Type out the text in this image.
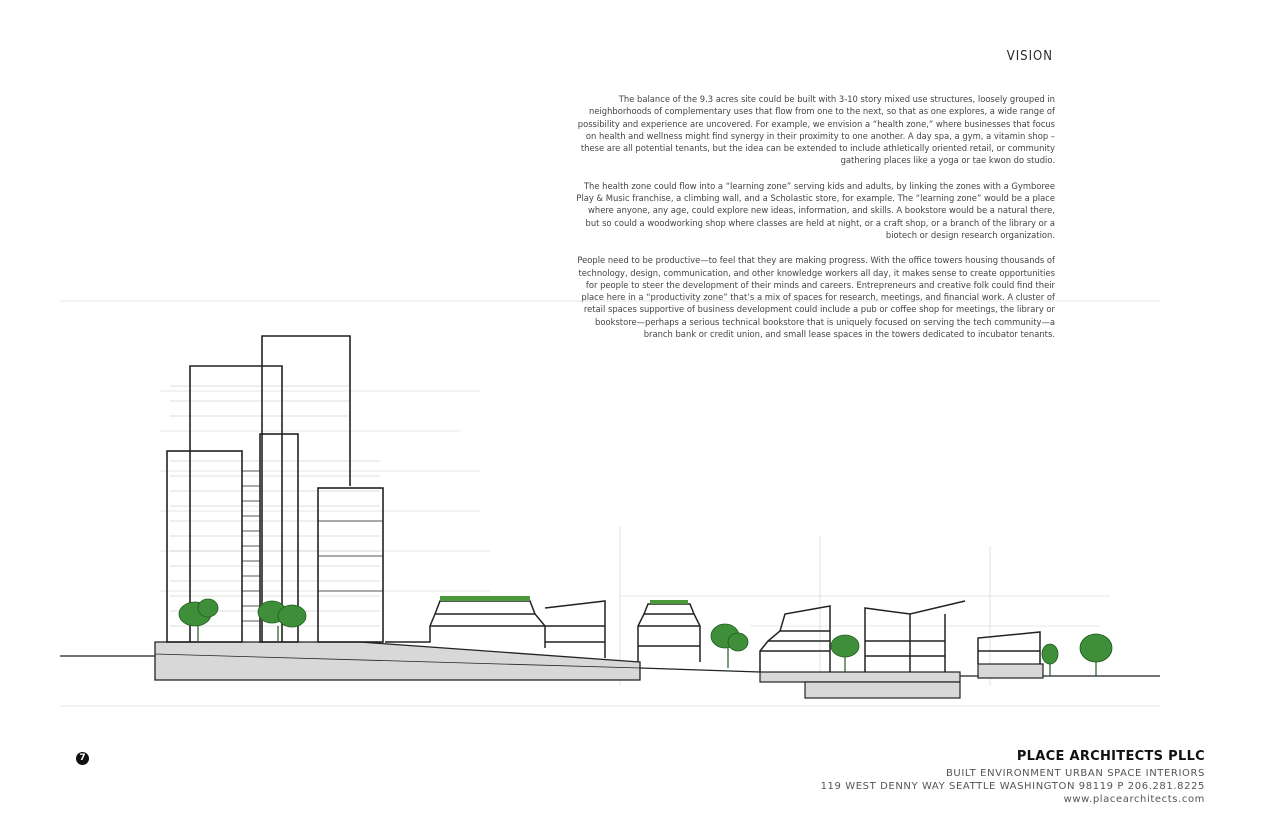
VISION

The balance of the 9.3 acres site could be built with 3-10 story mixed use structures, loosely grouped in neighborhoods of complementary uses that flow from one to the next, so that as one explores, a wide range of possibility and experience are uncovered. For example, we envision a “health zone,” where businesses that focus on health and wellness might find synergy in their proximity to one another. A day spa, a gym, a vitamin shop – these are all potential tenants, but the idea can be extended to include athletically oriented retail, or community gathering places like a yoga or tae kwon do studio.

The health zone could flow into a “learning zone” serving kids and adults, by linking the zones with a Gymboree Play & Music franchise, a climbing wall, and a Scholastic store, for example. The “learning zone” would be a place where anyone, any age, could explore new ideas, information, and skills. A bookstore would be a natural there, but so could a woodworking shop where classes are held at night, or a craft shop, or a branch of the library or a biotech or design research organization.

People need to be productive—to feel that they are making progress. With the office towers housing thousands of technology, design, communication, and other knowledge workers all day, it makes sense to create opportunities for people to steer the development of their minds and careers. Entrepreneurs and creative folk could find their place here in a “productivity zone” that’s a mix of spaces for research, meetings, and financial work. A cluster of retail spaces supportive of business development could include a pub or coffee shop for meetings, the library or bookstore—perhaps a serious technical bookstore that is uniquely focused on serving the tech community—a branch bank or credit union, and small lease spaces in the towers dedicated to incubator tenants.

7	PLACE ARCHITECTS PLLC
BUILT ENVIRONMENT URBAN SPACE INTERIORS
119 WEST DENNY WAY SEATTLE WASHINGTON 98119 P 206.281.8225
www.placearchitects.com
